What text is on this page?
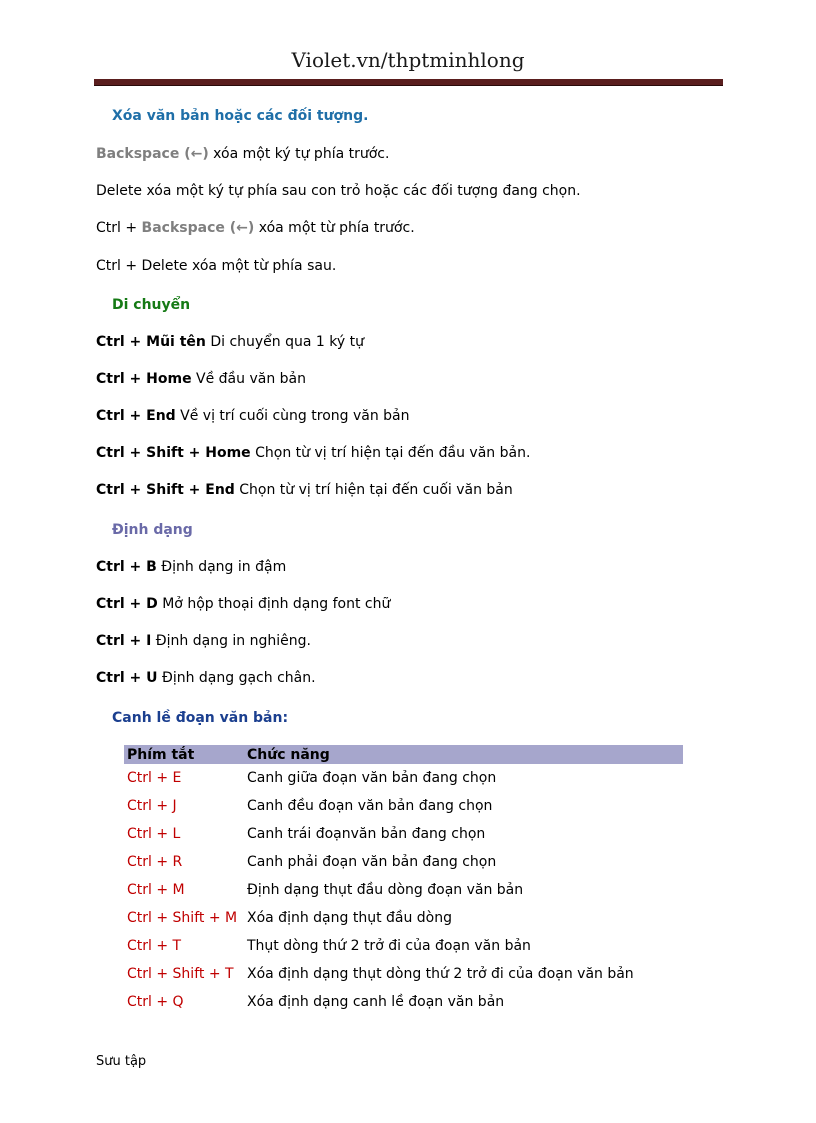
Violet.vn/thptminhlong
Xóa văn bản hoặc các đối tượng.
Backspace (←) xóa một ký tự phía trước.
Delete xóa một ký tự phía sau con trỏ hoặc các đối tượng đang chọn.
Ctrl + Backspace (←) xóa một từ phía trước.
Ctrl + Delete xóa một từ phía sau.
Di chuyển
Ctrl + Mũi tên Di chuyển qua 1 ký tự
Ctrl + Home Về đầu văn bản
Ctrl + End Về vị trí cuối cùng trong văn bản
Ctrl + Shift + Home Chọn từ vị trí hiện tại đến đầu văn bản.
Ctrl + Shift + End Chọn từ vị trí hiện tại đến cuối văn bản
Định dạng
Ctrl + B Định dạng in đậm
Ctrl + D Mở hộp thoại định dạng font chữ
Ctrl + I Định dạng in nghiêng.
Ctrl + U Định dạng gạch chân.
Canh lề đoạn văn bản:
Phím tắt	Chức năng
Ctrl + E	Canh giữa đoạn văn bản đang chọn
Ctrl + J	Canh đều đoạn văn bản đang chọn
Ctrl + L	Canh trái đoạnvăn bản đang chọn
Ctrl + R	Canh phải đoạn văn bản đang chọn
Ctrl + M	Định dạng thụt đầu dòng đoạn văn bản
Ctrl + Shift + M	Xóa định dạng thụt đầu dòng
Ctrl + T	Thụt dòng thứ 2 trở đi của đoạn văn bản
Ctrl + Shift + T	Xóa định dạng thụt dòng thứ 2 trở đi của đoạn văn bản
Ctrl + Q	Xóa định dạng canh lề đoạn văn bản
Sưu tập
